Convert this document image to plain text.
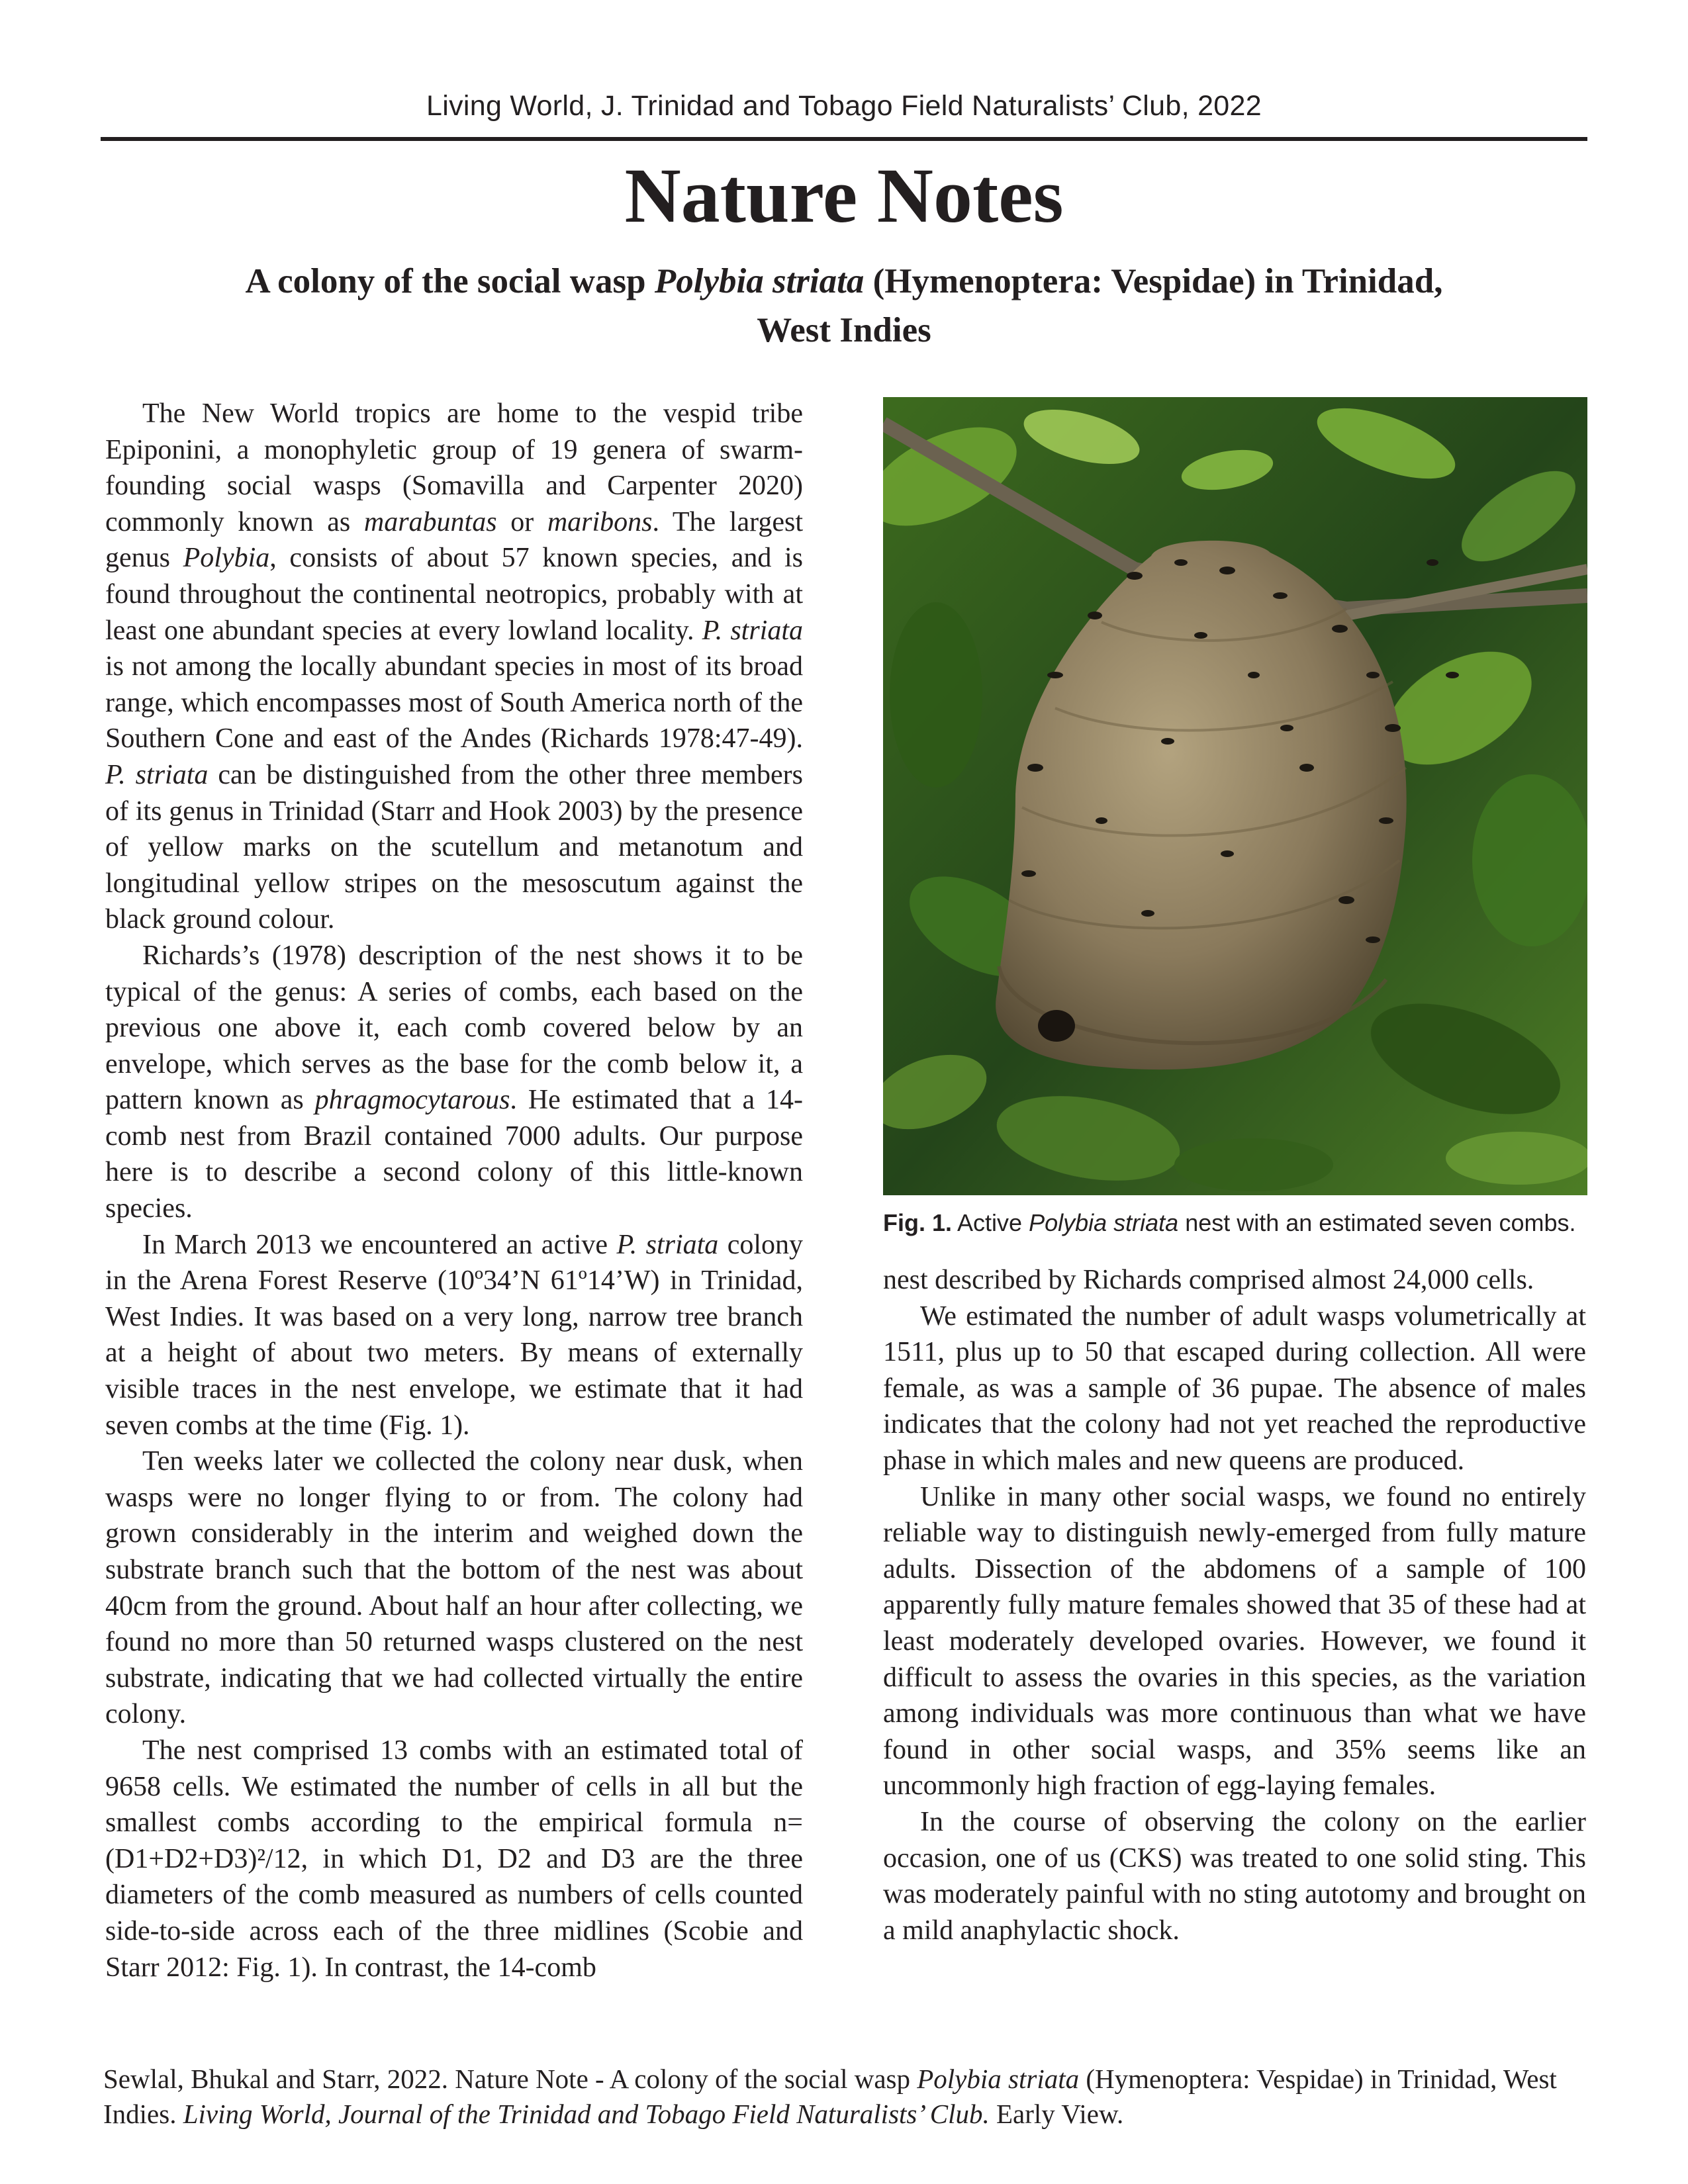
Living World, J. Trinidad and Tobago Field Naturalists’ Club, 2022
Nature Notes
A colony of the social wasp Polybia striata (Hymenoptera: Vespidae) in Trinidad,
West Indies

The New World tropics are home to the vespid tribe Epiponini, a monophyletic group of 19 genera of swarm-founding social wasps (Somavilla and Carpenter 2020) commonly known as marabuntas or maribons. The largest genus Polybia, consists of about 57 known species, and is found throughout the continental neotropics, probably with at least one abundant species at every lowland locality. P. striata is not among the locally abundant species in most of its broad range, which encompasses most of South America north of the Southern Cone and east of the Andes (Richards 1978:47-49). P. striata can be distinguished from the other three members of its genus in Trinidad (Starr and Hook 2003) by the presence of yellow marks on the scutellum and metanotum and longitudinal yellow stripes on the mesoscutum against the black ground colour.

Richards’s (1978) description of the nest shows it to be typical of the genus: A series of combs, each based on the previous one above it, each comb covered below by an envelope, which serves as the base for the comb below it, a pattern known as phragmocytarous. He estimated that a 14-comb nest from Brazil contained 7000 adults. Our purpose here is to describe a second colony of this little-known species.

In March 2013 we encountered an active P. striata colony in the Arena Forest Reserve (10º34’N 61º14’W) in Trinidad, West Indies. It was based on a very long, narrow tree branch at a height of about two meters. By means of externally visible traces in the nest envelope, we estimate that it had seven combs at the time (Fig. 1).

Ten weeks later we collected the colony near dusk, when wasps were no longer flying to or from. The colony had grown considerably in the interim and weighed down the substrate branch such that the bottom of the nest was about 40cm from the ground. About half an hour after collecting, we found no more than 50 returned wasps clustered on the nest substrate, indicating that we had collected virtually the entire colony.

The nest comprised 13 combs with an estimated total of 9658 cells. We estimated the number of cells in all but the smallest combs according to the empirical formula n=(D1+D2+D3)²/12, in which D1, D2 and D3 are the three diameters of the comb measured as numbers of cells counted side-to-side across each of the three midlines (Scobie and Starr 2012: Fig. 1). In contrast, the 14-comb

Fig. 1. Active Polybia striata nest with an estimated seven combs.

nest described by Richards comprised almost 24,000 cells.

We estimated the number of adult wasps volumetrically at 1511, plus up to 50 that escaped during collection. All were female, as was a sample of 36 pupae. The absence of males indicates that the colony had not yet reached the reproductive phase in which males and new queens are produced.

Unlike in many other social wasps, we found no entirely reliable way to distinguish newly-emerged from fully mature adults. Dissection of the abdomens of a sample of 100 apparently fully mature females showed that 35 of these had at least moderately developed ovaries. However, we found it difficult to assess the ovaries in this species, as the variation among individuals was more continuous than what we have found in other social wasps, and 35% seems like an uncommonly high fraction of egg-laying females.

In the course of observing the colony on the earlier occasion, one of us (CKS) was treated to one solid sting. This was moderately painful with no sting autotomy and brought on a mild anaphylactic shock.

Sewlal, Bhukal and Starr, 2022. Nature Note - A colony of the social wasp Polybia striata (Hymenoptera: Vespidae) in Trinidad, West Indies. Living World, Journal of the Trinidad and Tobago Field Naturalists’ Club. Early View.
